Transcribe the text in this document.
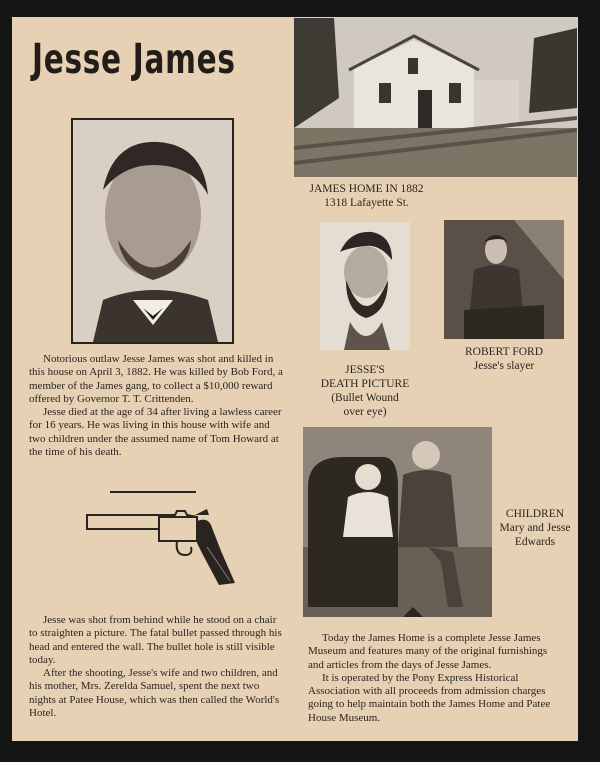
Jesse James
JAMES HOME IN 1882
1318 Lafayette St.
JESSE'S
DEATH PICTURE
(Bullet Wound
over eye)
ROBERT FORD
Jesse's slayer
CHILDREN
Mary and Jesse
Edwards

Notorious outlaw Jesse James was shot and killed in this house on April 3, 1882. He was killed by Bob Ford, a member of the James gang, to collect a $10,000 reward offered by Governor T. T. Crittenden.

Jesse died at the age of 34 after living a lawless career for 16 years. He was living in this house with wife and two children under the assumed name of Tom Howard at the time of his death.

Jesse was shot from behind while he stood on a chair to straighten a picture. The fatal bullet passed through his head and entered the wall. The bullet hole is still visible today.

After the shooting, Jesse's wife and two children, and his mother, Mrs. Zerelda Samuel, spent the next two nights at Patee House, which was then called the World's Hotel.

Today the James Home is a complete Jesse James Museum and features many of the original furnishings and articles from the days of Jesse James.

It is operated by the Pony Express Historical Association with all proceeds from admission charges going to help maintain both the James Home and Patee House Museum.
